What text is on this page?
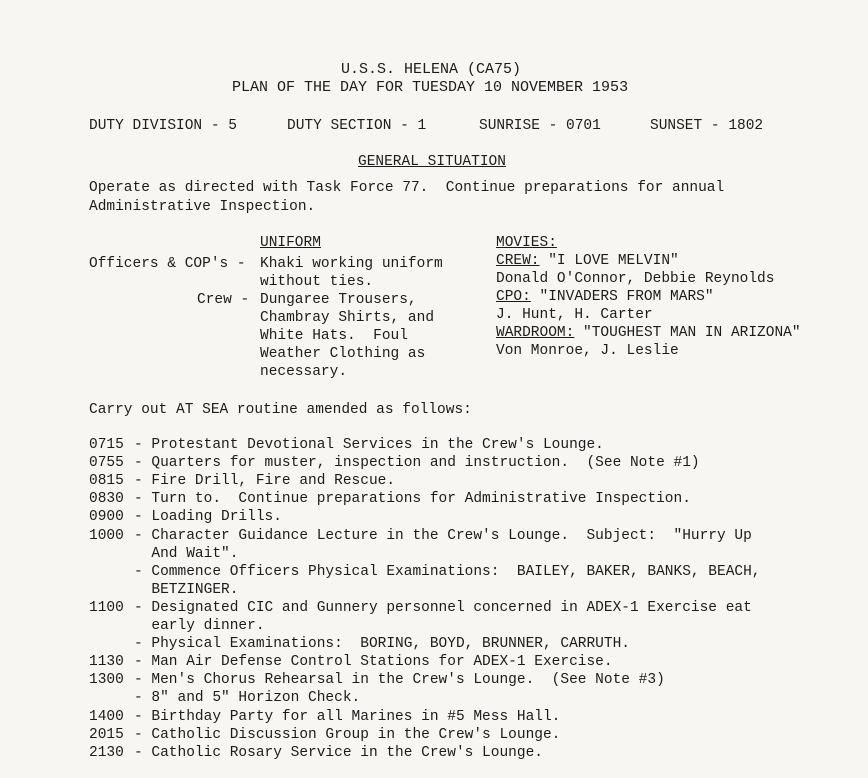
U.S.S. HELENA (CA75)
PLAN OF THE DAY FOR TUESDAY 10 NOVEMBER 1953
DUTY DIVISION - 5	DUTY SECTION - 1	SUNRISE - 0701	SUNSET - 1802
GENERAL SITUATION
Operate as directed with Task Force 77.  Continue preparations for annual
Administrative Inspection.
UNIFORM
Officers & COP's - Khaki working uniform
without ties.
Crew - Dungaree Trousers,
Chambray Shirts, and
White Hats.  Foul
Weather Clothing as
necessary.
MOVIES:
CREW: "I LOVE MELVIN"
Donald O'Connor, Debbie Reynolds
CPO: "INVADERS FROM MARS"
J. Hunt, H. Carter
WARDROOM: "TOUGHEST MAN IN ARIZONA"
Von Monroe, J. Leslie
Carry out AT SEA routine amended as follows:
0715 - Protestant Devotional Services in the Crew's Lounge.
0755 - Quarters for muster, inspection and instruction.  (See Note #1)
0815 - Fire Drill, Fire and Rescue.
0830 - Turn to.  Continue preparations for Administrative Inspection.
0900 - Loading Drills.
1000 - Character Guidance Lecture in the Crew's Lounge.  Subject:  "Hurry Up
And Wait".
- Commence Officers Physical Examinations:  BAILEY, BAKER, BANKS, BEACH,
BETZINGER.
1100 - Designated CIC and Gunnery personnel concerned in ADEX-1 Exercise eat
early dinner.
- Physical Examinations:  BORING, BOYD, BRUNNER, CARRUTH.
1130 - Man Air Defense Control Stations for ADEX-1 Exercise.
1300 - Men's Chorus Rehearsal in the Crew's Lounge.  (See Note #3)
- 8" and 5" Horizon Check.
1400 - Birthday Party for all Marines in #5 Mess Hall.
2015 - Catholic Discussion Group in the Crew's Lounge.
2130 - Catholic Rosary Service in the Crew's Lounge.
